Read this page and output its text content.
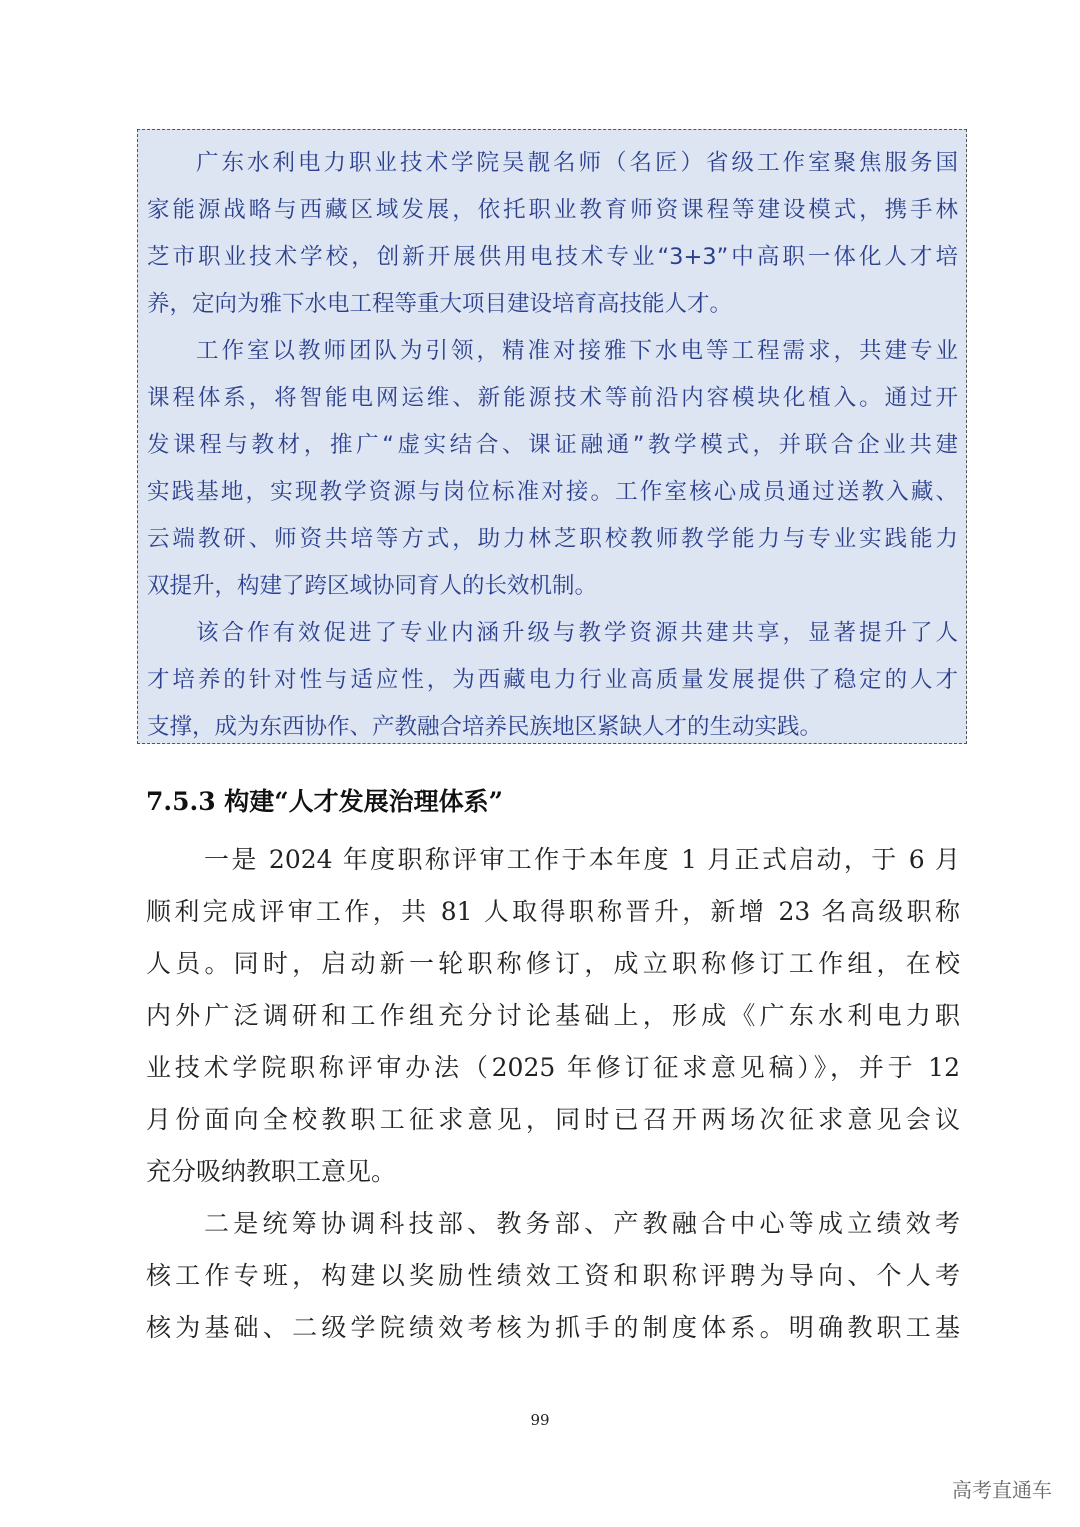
广东水利电力职业技术学院吴靓名师（名匠）省级工作室聚焦服务国
家能源战略与西藏区域发展，依托职业教育师资课程等建设模式，携手林
芝市职业技术学校，创新开展供用电技术专业“3+3”中高职一体化人才培
养，定向为雅下水电工程等重大项目建设培育高技能人才。
工作室以教师团队为引领，精准对接雅下水电等工程需求，共建专业
课程体系，将智能电网运维、新能源技术等前沿内容模块化植入。通过开
发课程与教材，推广“虚实结合、课证融通”教学模式，并联合企业共建
实践基地，实现教学资源与岗位标准对接。工作室核心成员通过送教入藏、
云端教研、师资共培等方式，助力林芝职校教师教学能力与专业实践能力
双提升，构建了跨区域协同育人的长效机制。
该合作有效促进了专业内涵升级与教学资源共建共享，显著提升了人
才培养的针对性与适应性，为西藏电力行业高质量发展提供了稳定的人才
支撑，成为东西协作、产教融合培养民族地区紧缺人才的生动实践。
7.5.3 构建“人才发展治理体系”
一是 2024 年度职称评审工作于本年度 1 月正式启动，于 6 月
顺利完成评审工作，共 81 人取得职称晋升，新增 23 名高级职称
人员。同时，启动新一轮职称修订，成立职称修订工作组，在校
内外广泛调研和工作组充分讨论基础上，形成《广东水利电力职
业技术学院职称评审办法（2025 年修订征求意见稿）》，并于 12
月份面向全校教职工征求意见，同时已召开两场次征求意见会议
充分吸纳教职工意见。
二是统筹协调科技部、教务部、产教融合中心等成立绩效考
核工作专班，构建以奖励性绩效工资和职称评聘为导向、个人考
核为基础、二级学院绩效考核为抓手的制度体系。明确教职工基
99
高考直通车
